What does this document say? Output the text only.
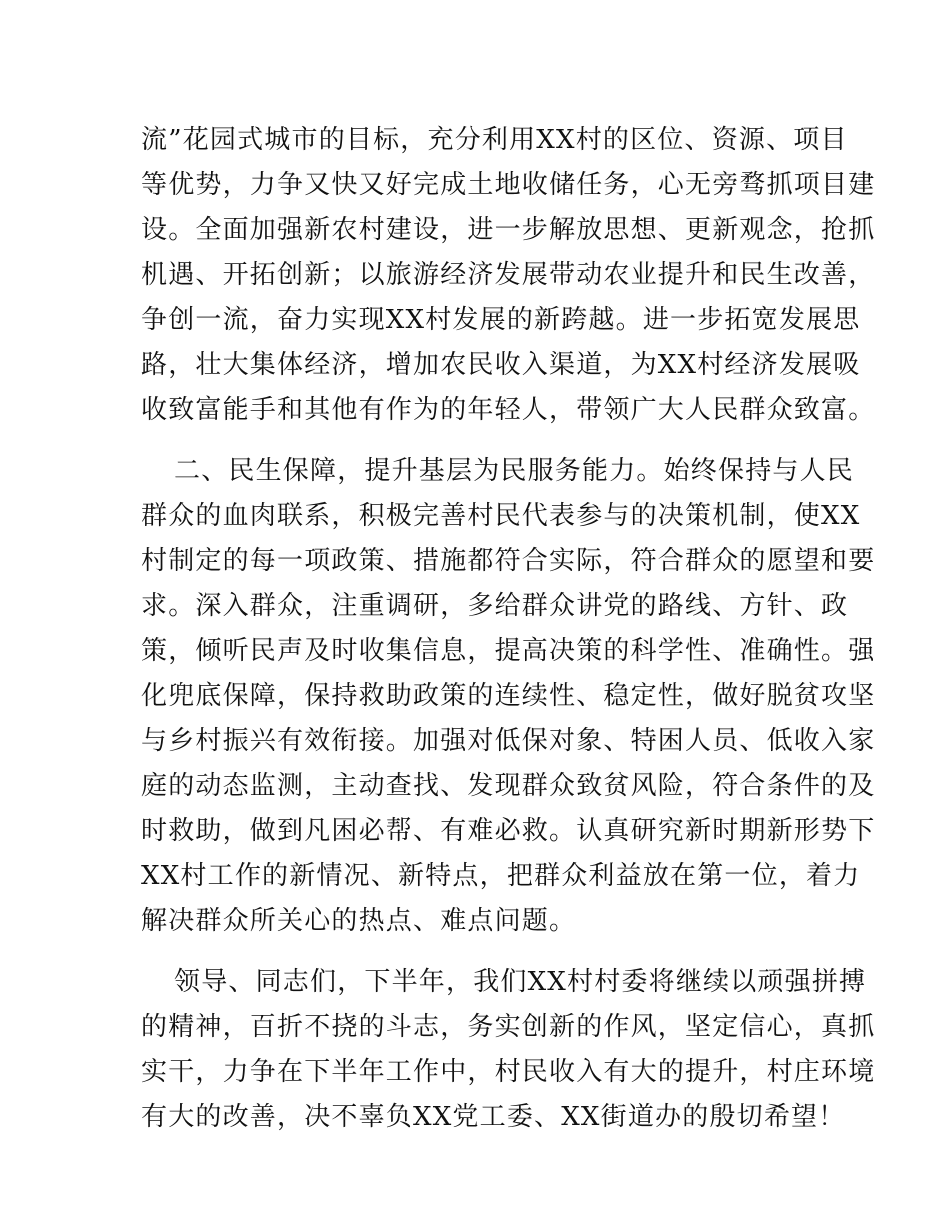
流”花园式城市的目标，充分利用XX村的区位、资源、项目
等优势，力争又快又好完成土地收储任务，心无旁骛抓项目建
设。全面加强新农村建设，进一步解放思想、更新观念，抢抓
机遇、开拓创新；以旅游经济发展带动农业提升和民生改善，
争创一流，奋力实现XX村发展的新跨越。进一步拓宽发展思
路，壮大集体经济，增加农民收入渠道，为XX村经济发展吸
收致富能手和其他有作为的年轻人，带领广大人民群众致富。
二、民生保障，提升基层为民服务能力。始终保持与人民
群众的血肉联系，积极完善村民代表参与的决策机制，使XX
村制定的每一项政策、措施都符合实际，符合群众的愿望和要
求。深入群众，注重调研，多给群众讲党的路线、方针、政
策，倾听民声及时收集信息，提高决策的科学性、准确性。强
化兜底保障，保持救助政策的连续性、稳定性，做好脱贫攻坚
与乡村振兴有效衔接。加强对低保对象、特困人员、低收入家
庭的动态监测，主动查找、发现群众致贫风险，符合条件的及
时救助，做到凡困必帮、有难必救。认真研究新时期新形势下
XX村工作的新情况、新特点，把群众利益放在第一位，着力
解决群众所关心的热点、难点问题。
领导、同志们，下半年，我们XX村村委将继续以顽强拼搏
的精神，百折不挠的斗志，务实创新的作风，坚定信心，真抓
实干，力争在下半年工作中，村民收入有大的提升，村庄环境
有大的改善，决不辜负XX党工委、XX街道办的殷切希望！
